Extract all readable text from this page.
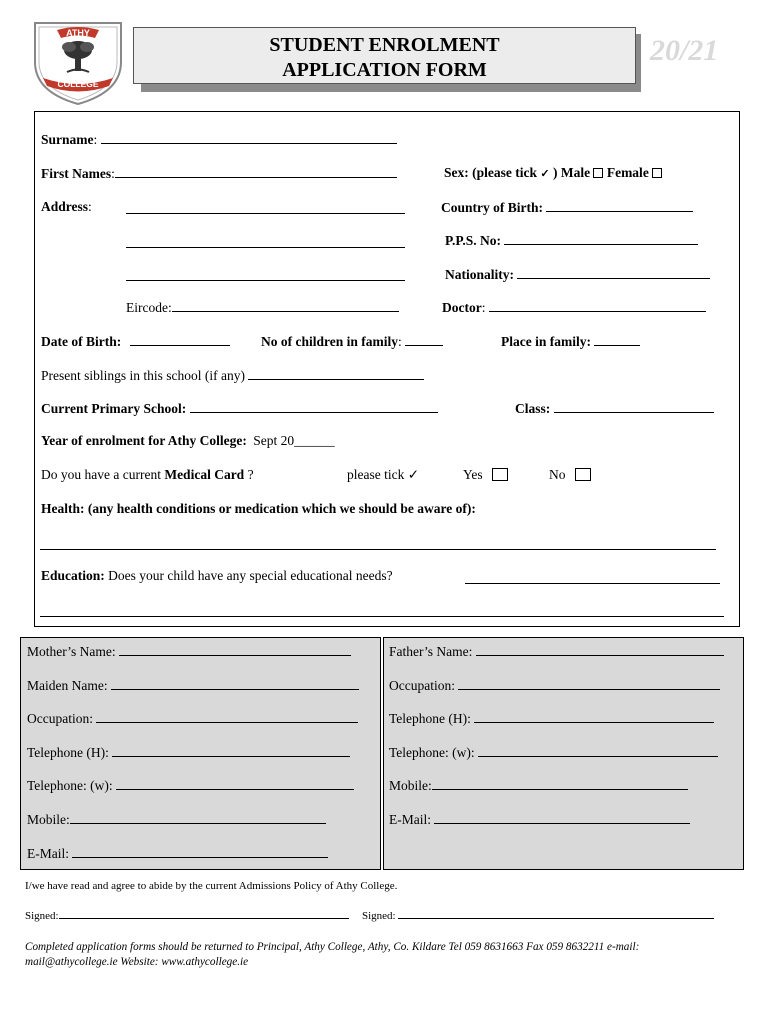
ATHY
COLLEGE
STUDENT ENROLMENT
APPLICATION FORM
20/21
Surname:
First Names:	Sex: (please tick ✓ ) Male Female
Address:	Country of Birth:
P.P.S. No:
Nationality:
Eircode:	Doctor:
Date of Birth:	No of children in family:	Place in family:
Present siblings in this school (if any)
Current Primary School:	Class:
Year of enrolment for Athy College: Sept 20______
Do you have a current Medical Card ?	please tick ✓	Yes	No
Health: (any health conditions or medication which we should be aware of):
Education: Does your child have any special educational needs?
Mother’s Name:
Maiden Name:
Occupation:
Telephone (H):
Telephone: (w):
Mobile:
E-Mail:
Father’s Name:
Occupation:
Telephone (H):
Telephone: (w):
Mobile:
E-Mail:
I/we have read and agree to abide by the current Admissions Policy of Athy College.
Signed:	Signed:
Completed application forms should be returned to Principal, Athy College, Athy, Co. Kildare Tel 059 8631663 Fax 059 8632211 e-mail:
mail@athycollege.ie Website: www.athycollege.ie
